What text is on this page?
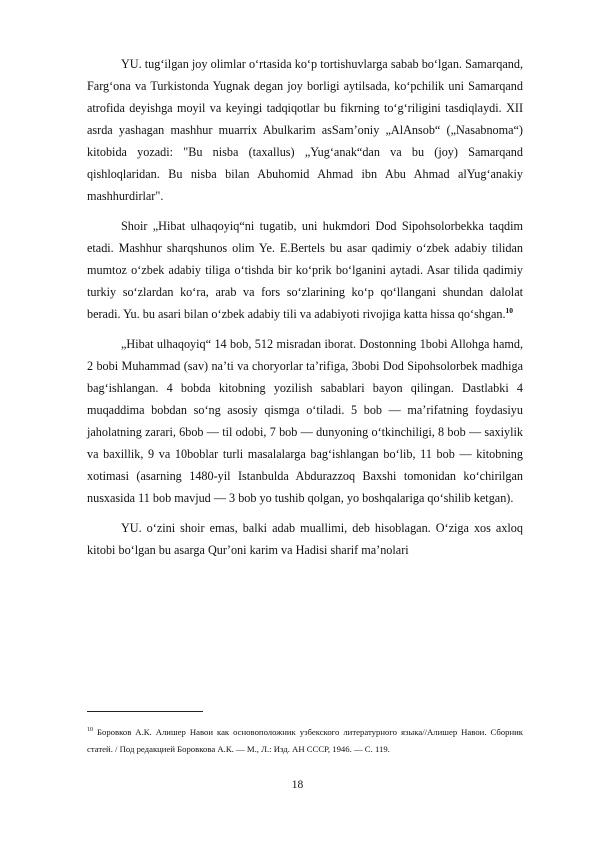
YU. tugʻilgan joy olimlar oʻrtasida koʻp tortishuvlarga sabab boʻlgan. Samarqand, Fargʻona va Turkistonda Yugnak degan joy borligi aytilsada, koʻpchilik uni Samarqand atrofida deyishga moyil va keyingi tadqiqotlar bu fikrning toʻgʻriligini tasdiqlaydi. XII asrda yashagan mashhur muarrix Abulkarim asSamʼoniy „AlAnsob“ („Nasabnoma“) kitobida yozadi: "Bu nisba (taxallus) „Yugʻanak“dan va bu (joy) Samarqand qishloqlaridan. Bu nisba bilan Abuhomid Ahmad ibn Abu Ahmad alYugʻanakiy mashhurdirlar".

Shoir „Hibat ulhaqoyiq“ni tugatib, uni hukmdori Dod Sipohsolorbekka taqdim etadi. Mashhur sharqshunos olim Ye. E.Bertels bu asar qadimiy oʻzbek adabiy tilidan mumtoz oʻzbek adabiy tiliga oʻtishda bir koʻprik boʻlganini aytadi. Asar tilida qadimiy turkiy soʻzlardan koʻra, arab va fors soʻzlarining koʻp qoʻllangani shundan dalolat beradi. Yu. bu asari bilan oʻzbek adabiy tili va adabiyoti rivojiga katta hissa qoʻshgan.$^{10}$

„Hibat ulhaqoyiq“ 14 bob, 512 misradan iborat. Dostonning 1bobi Allohga hamd, 2 bobi Muhammad (sav) naʼti va choryorlar taʼrifiga, 3bobi Dod Sipohsolorbek madhiga bagʻishlangan. 4 bobda kitobning yozilish sabablari bayon qilingan. Dastlabki 4 muqaddima bobdan soʻng asosiy qismga oʻtiladi. 5 bob — maʼrifatning foydasiyu jaholatning zarari, 6bob — til odobi, 7 bob — dunyoning oʻtkinchiligi, 8 bob — saxiylik va baxillik, 9 va 10boblar turli masalalarga bagʻishlangan boʻlib, 11 bob — kitobning xotimasi (asarning 1480-yil Istanbulda Abdurazzoq Baxshi tomonidan koʻchirilgan nusxasida 11 bob mavjud — 3 bob yo tushib qolgan, yo boshqalariga qoʻshilib ketgan).

YU. oʻzini shoir emas, balki adab muallimi, deb hisoblagan. Oʻziga xos axloq kitobi boʻlgan bu asarga Qurʼoni karim va Hadisi sharif maʼnolari

$^{10}$ Боровков А.К. Алишер Навои как основоположник узбекского литературного языка//Алишер Навои. Сборник статей. / Под редакцией Боровкова А.К. — М., Л.: Изд. АН СССР, 1946. — С. 119.

18
